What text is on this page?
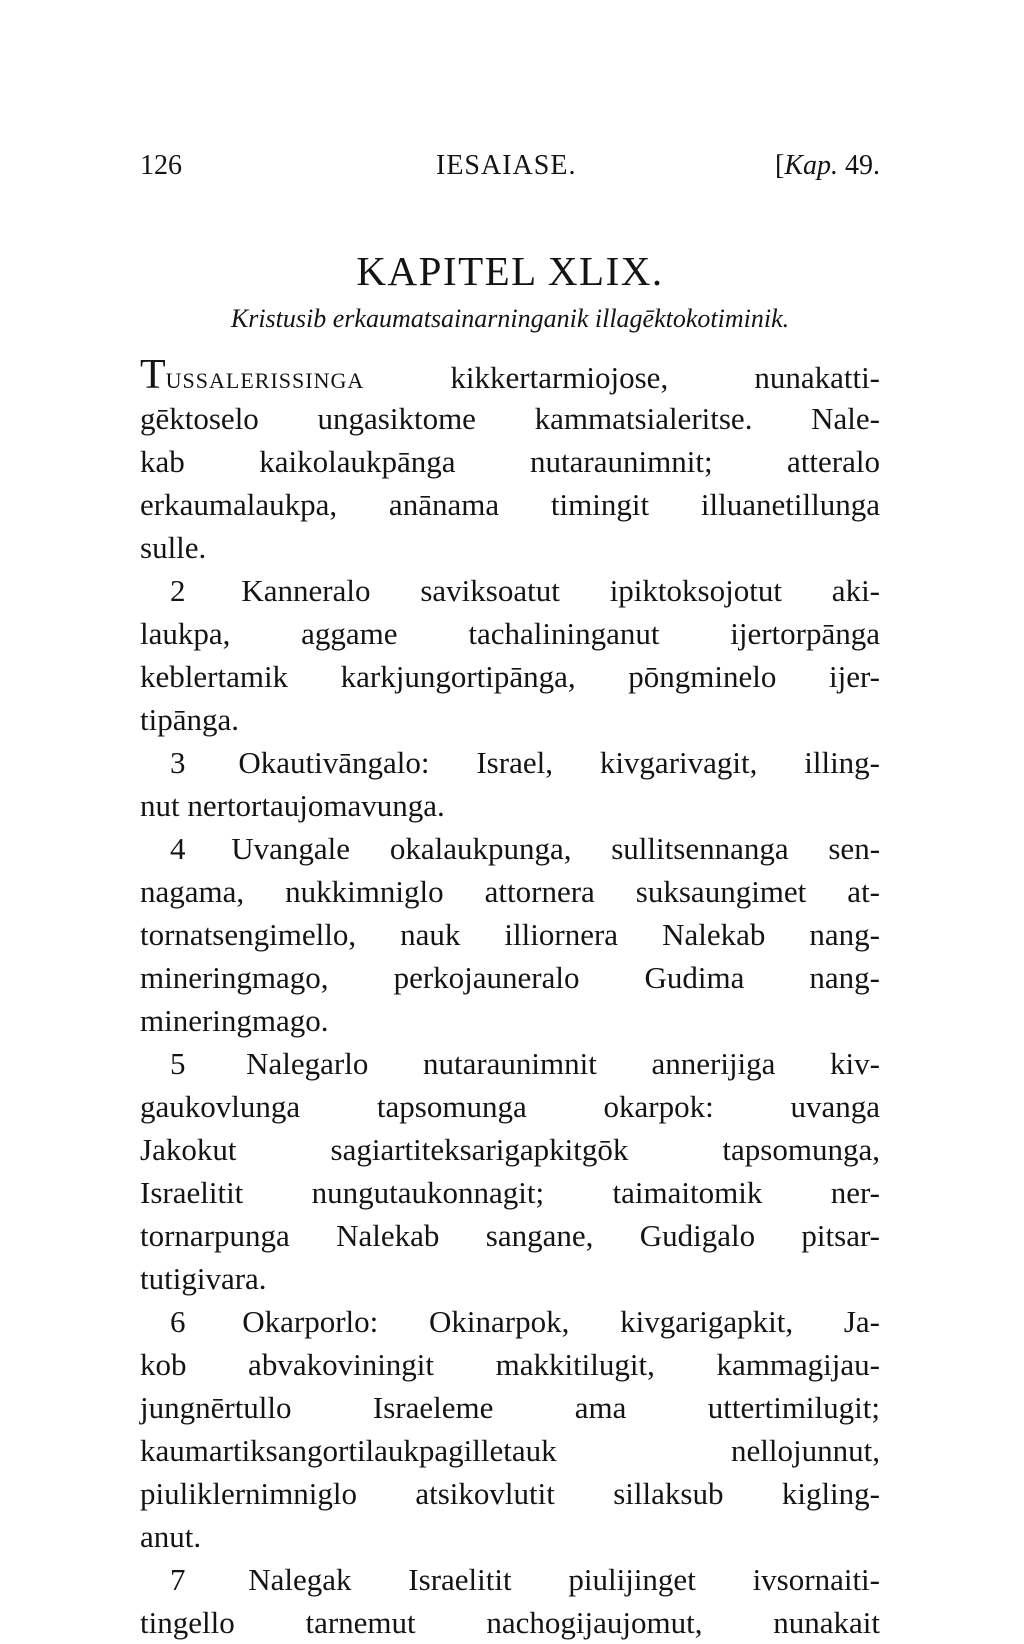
126	IESAIASE.	[Kap. 49.
KAPITEL XLIX.
Kristusib erkaumatsainarninganik illagēktokotiminik.
TUSSALERISSINGA	kikkertarmiojose, nunakatti-
gēktoselo ungasiktome kammatsialeritse. Nale-
kab kaikolaukpānga nutaraunimnit; atteralo
erkaumalaukpa, anānama timingit illuanetillunga
sulle.
2 Kanneralo saviksoatut ipiktoksojotut aki-
laukpa, aggame tachalininganut ijertorpānga
keblertamik karkjungortipānga, pōngminelo ijer-
tipānga.
3 Okautivāngalo: Israel, kivgarivagit, illing-
nut nertortaujomavunga.
4 Uvangale okalaukpunga, sullitsennanga sen-
nagama, nukkimniglo attornera suksaungimet at-
tornatsengimello, nauk illiornera Nalekab nang-
mineringmago, perkojauneralo Gudima nang-
mineringmago.
5 Nalegarlo nutaraunimnit annerijiga kiv-
gaukovlunga tapsomunga okarpok: uvanga
Jakokut sagiartiteksarigapkitgōk tapsomunga,
Israelitit nungutaukonnagit; taimaitomik ner-
tornarpunga Nalekab sangane, Gudigalo pitsar-
tutigivara.
6 Okarporlo: Okinarpok, kivgarigapkit, Ja-
kob abvakoviningit makkitilugit, kammagijau-
jungnērtullo Israeleme ama uttertimilugit;
kaumartiksangortilaukpagilletauk nellojunnut,
piuliklernimniglo atsikovlutit sillaksub kigling-
anut.
7 Nalegak Israelitit piulijinget ivsornaiti-
tingello tarnemut nachogijaujomut, nunakait
